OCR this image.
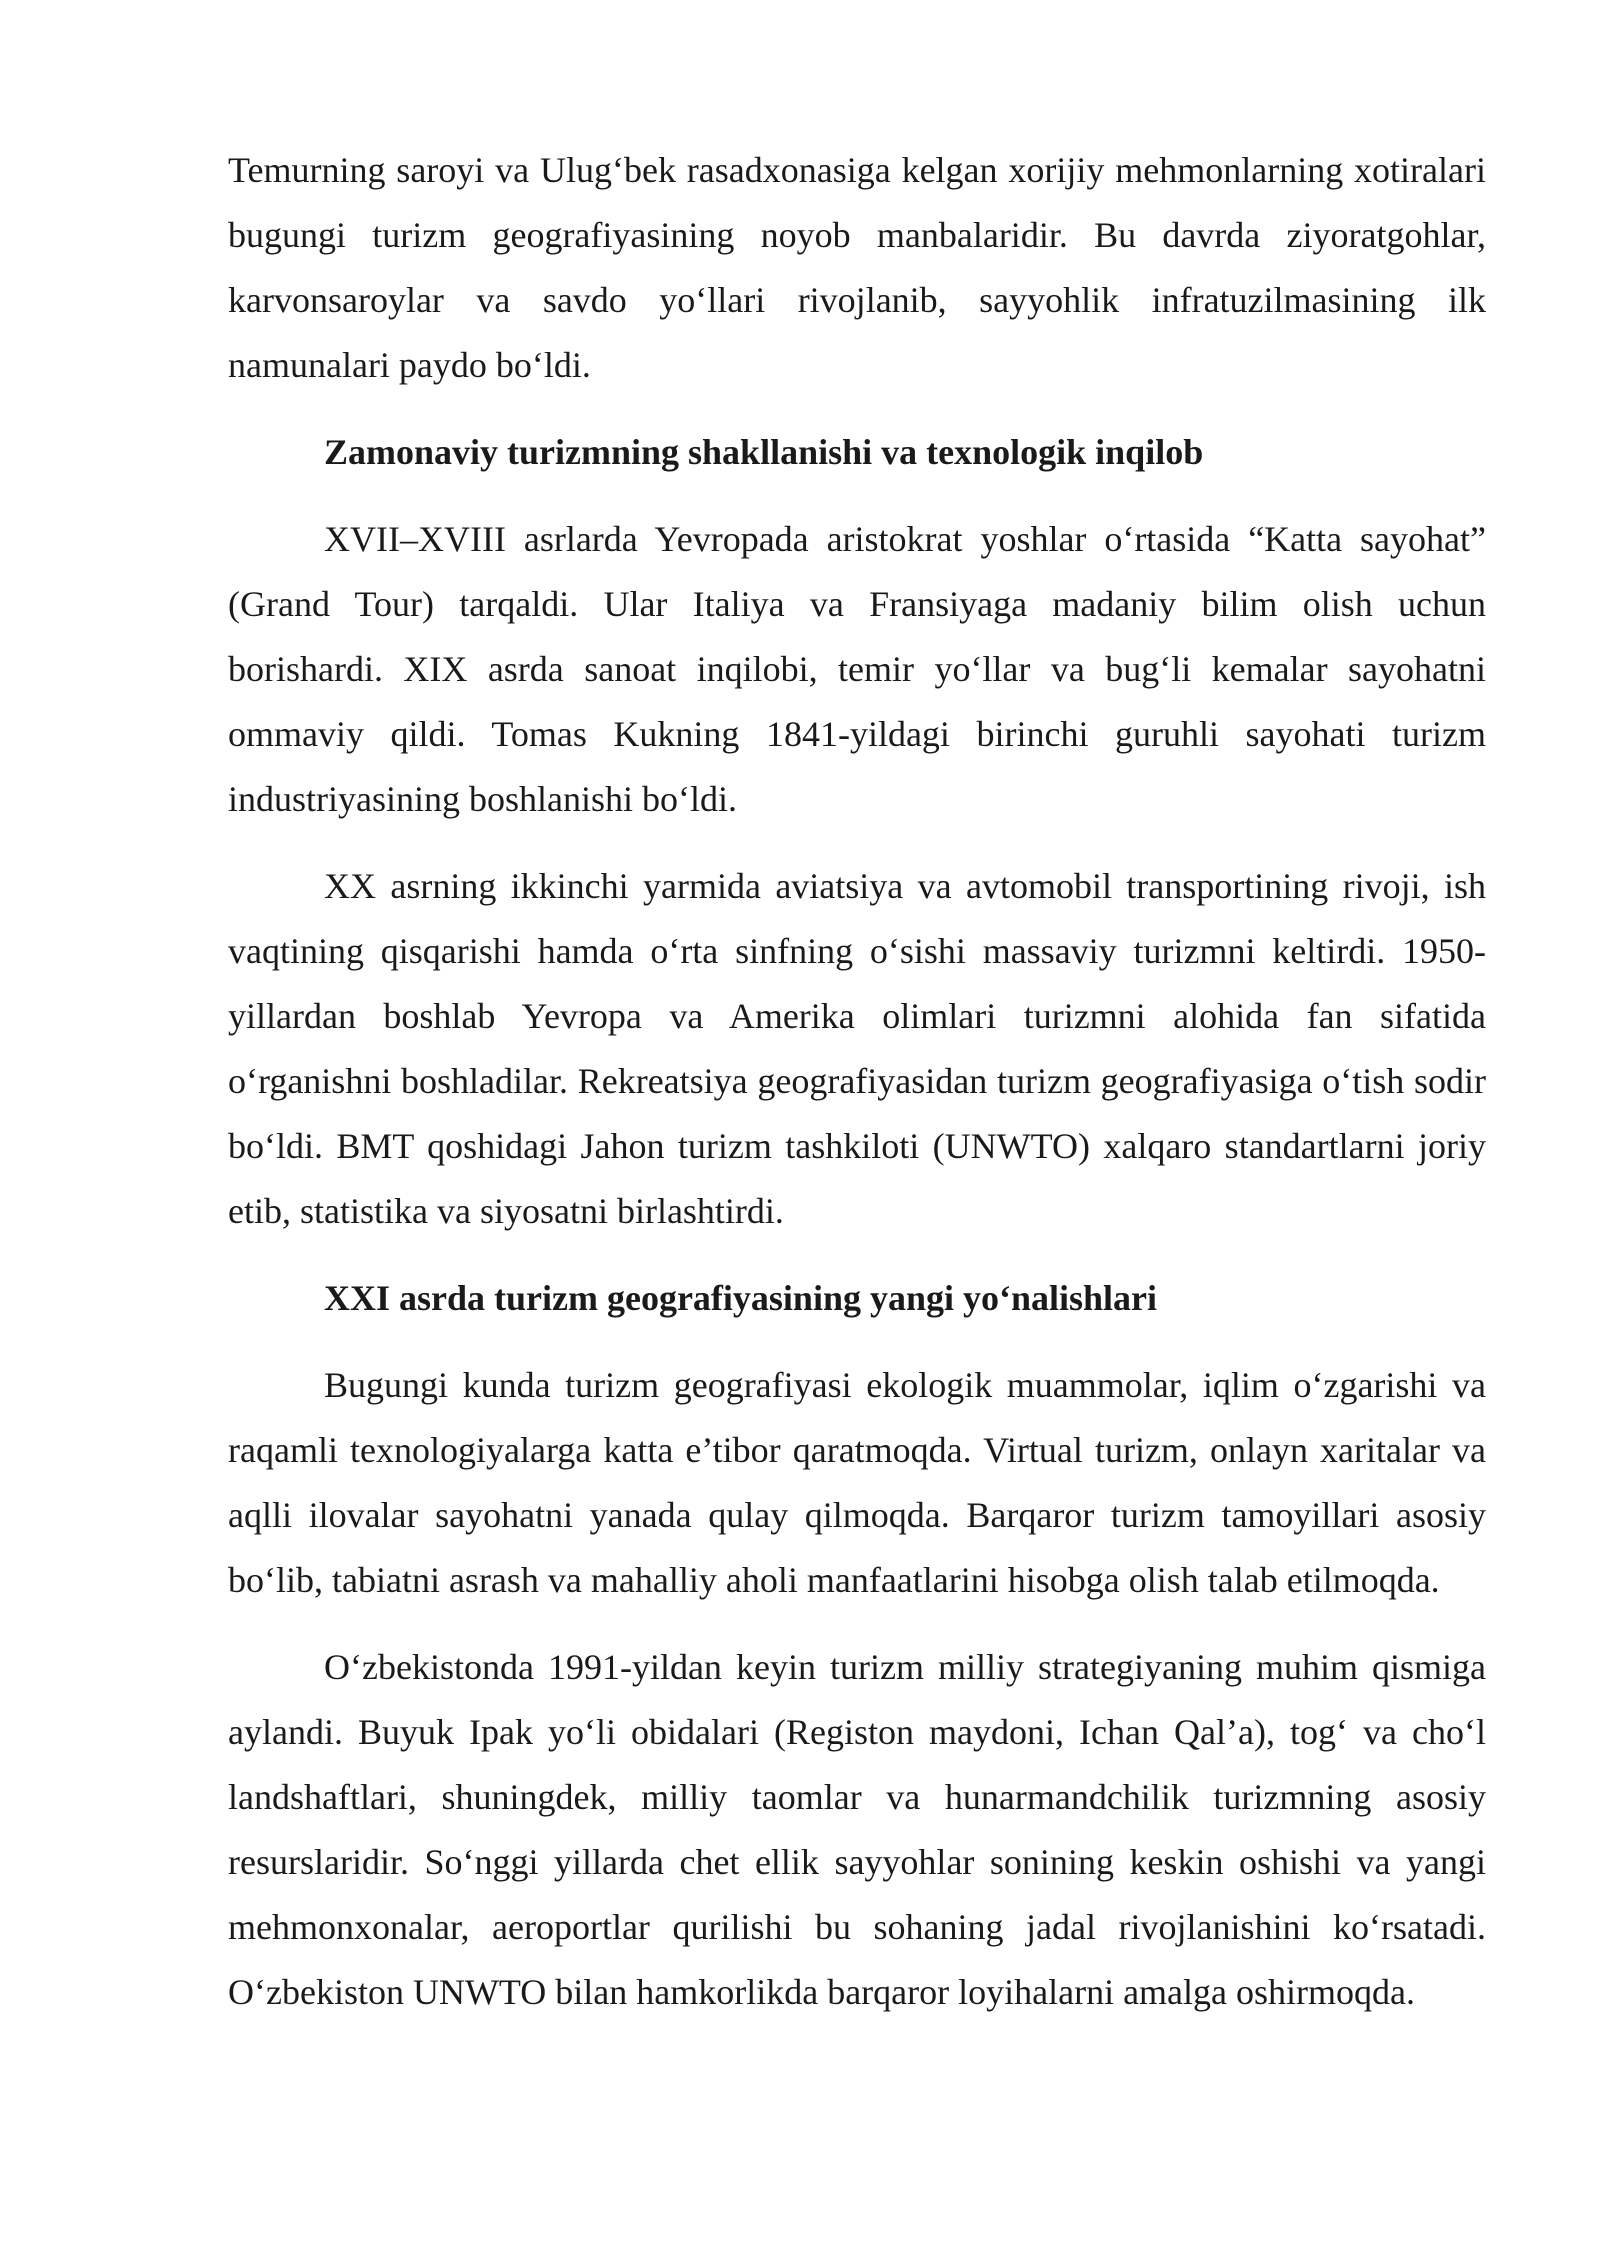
Temurning saroyi va Ulug‘bek rasadxonasiga kelgan xorijiy mehmonlarning xotiralari bugungi turizm geografiyasining noyob manbalaridir. Bu davrda ziyoratgohlar, karvonsaroylar va savdo yo‘llari rivojlanib, sayyohlik infratuzilmasining ilk namunalari paydo bo‘ldi.

Zamonaviy turizmning shakllanishi va texnologik inqilob

XVII–XVIII asrlarda Yevropada aristokrat yoshlar o‘rtasida “Katta sayohat” (Grand Tour) tarqaldi. Ular Italiya va Fransiyaga madaniy bilim olish uchun borishardi. XIX asrda sanoat inqilobi, temir yo‘llar va bug‘li kemalar sayohatni ommaviy qildi. Tomas Kukning 1841-yildagi birinchi guruhli sayohati turizm industriyasining boshlanishi bo‘ldi.

XX asrning ikkinchi yarmida aviatsiya va avtomobil transportining rivoji, ish vaqtining qisqarishi hamda o‘rta sinfning o‘sishi massaviy turizmni keltirdi. 1950-yillardan boshlab Yevropa va Amerika olimlari turizmni alohida fan sifatida o‘rganishni boshladilar. Rekreatsiya geografiyasidan turizm geografiyasiga o‘tish sodir bo‘ldi. BMT qoshidagi Jahon turizm tashkiloti (UNWTO) xalqaro standartlarni joriy etib, statistika va siyosatni birlashtirdi.

XXI asrda turizm geografiyasining yangi yo‘nalishlari

Bugungi kunda turizm geografiyasi ekologik muammolar, iqlim o‘zgarishi va raqamli texnologiyalarga katta e’tibor qaratmoqda. Virtual turizm, onlayn xaritalar va aqlli ilovalar sayohatni yanada qulay qilmoqda. Barqaror turizm tamoyillari asosiy bo‘lib, tabiatni asrash va mahalliy aholi manfaatlarini hisobga olish talab etilmoqda.

O‘zbekistonda 1991-yildan keyin turizm milliy strategiyaning muhim qismiga aylandi. Buyuk Ipak yo‘li obidalari (Registon maydoni, Ichan Qal’a), tog‘ va cho‘l landshaftlari, shuningdek, milliy taomlar va hunarmandchilik turizmning asosiy resurslaridir. So‘nggi yillarda chet ellik sayyohlar sonining keskin oshishi va yangi mehmonxonalar, aeroportlar qurilishi bu sohaning jadal rivojlanishini ko‘rsatadi. O‘zbekiston UNWTO bilan hamkorlikda barqaror loyihalarni amalga oshirmoqda.
